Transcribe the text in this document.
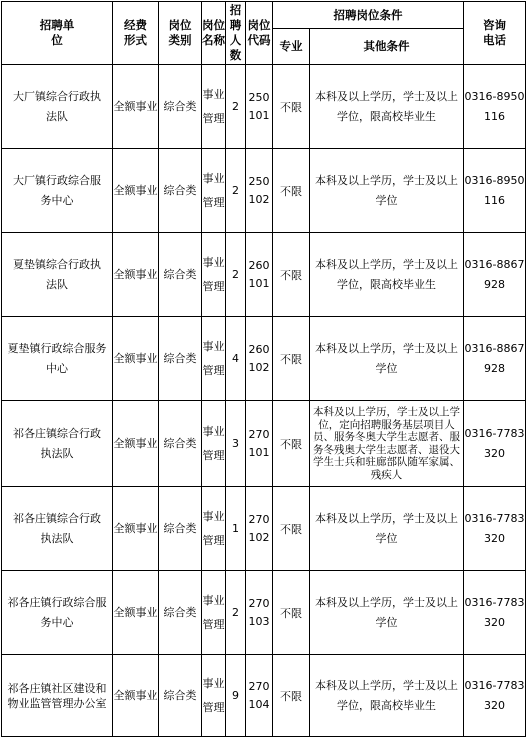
招聘单位	经费形式	岗位类别	岗位名称	招聘人数	岗位代码	招聘岗位条件		咨询电话
						专业	其他条件	
大厂镇综合行政执法队	全额事业	综合类	事业管理	2	250101	不限	本科及以上学历，学士及以上学位，限高校毕业生	0316-8950116
大厂镇行政综合服务中心	全额事业	综合类	事业管理	2	250102	不限	本科及以上学历，学士及以上学位	0316-8950116
夏垫镇综合行政执法队	全额事业	综合类	事业管理	2	260101	不限	本科及以上学历，学士及以上学位，限高校毕业生	0316-8867928
夏垫镇行政综合服务中心	全额事业	综合类	事业管理	4	260102	不限	本科及以上学历，学士及以上学位	0316-8867928
祁各庄镇综合行政执法队	全额事业	综合类	事业管理	3	270101	不限	本科及以上学历，学士及以上学位，定向招聘服务基层项目人员、服务冬奥大学生志愿者、服务冬残奥大学生志愿者、退役大学生士兵和驻廊部队随军家属、残疾人	0316-7783320
祁各庄镇综合行政执法队	全额事业	综合类	事业管理	1	270102	不限	本科及以上学历，学士及以上学位	0316-7783320
祁各庄镇行政综合服务中心	全额事业	综合类	事业管理	2	270103	不限	本科及以上学历，学士及以上学位	0316-7783320
祁各庄镇社区建设和物业监管管理办公室	全额事业	综合类	事业管理	9	270104	不限	本科及以上学历，学士及以上学位，限高校毕业生	0316-7783320
